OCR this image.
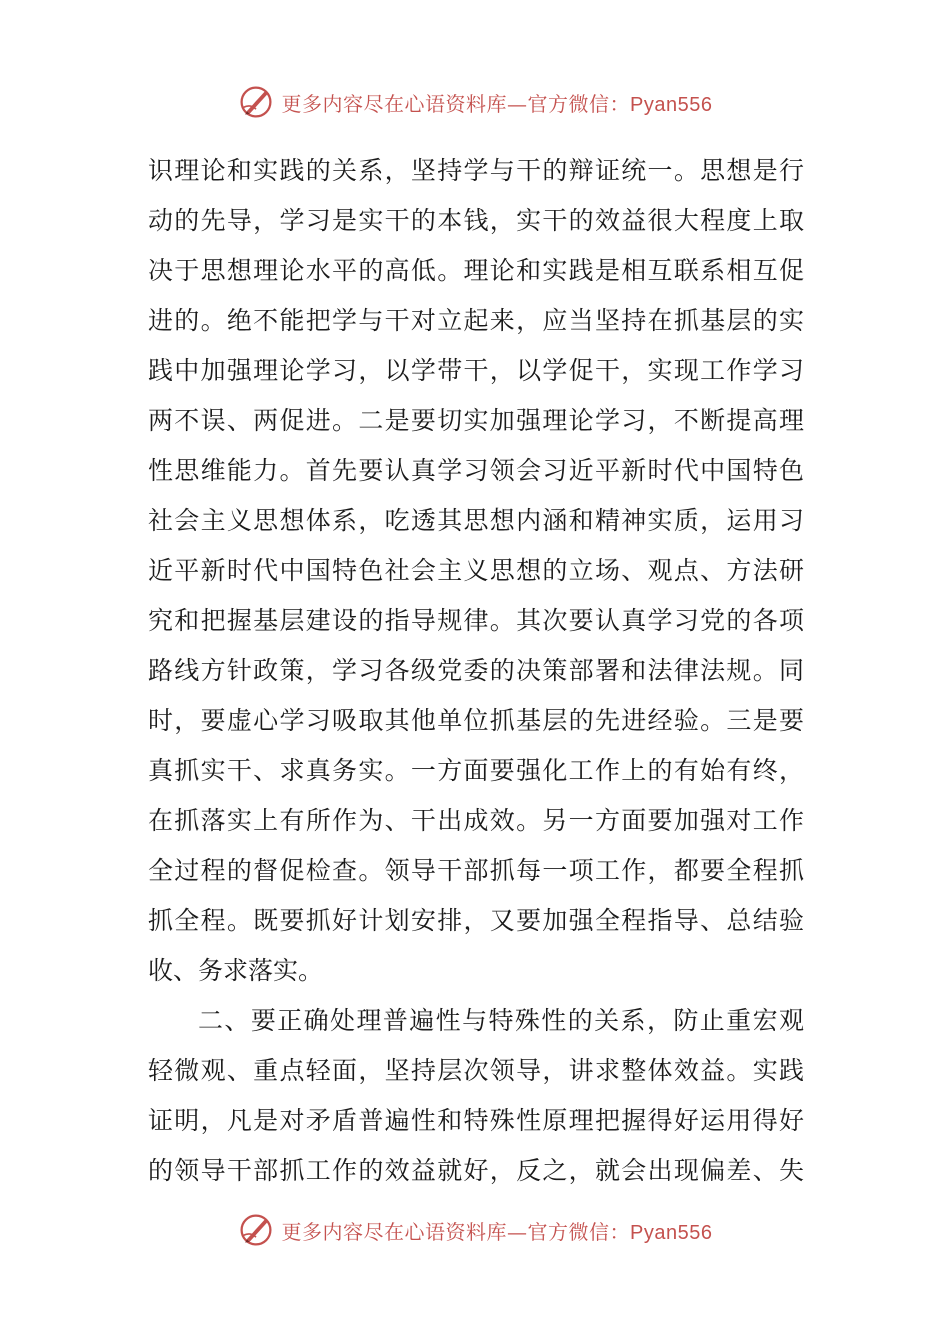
更多内容尽在心语资料库—官方微信：Pyan556
识理论和实践的关系，坚持学与干的辩证统一。思想是行
动的先导，学习是实干的本钱，实干的效益很大程度上取
决于思想理论水平的高低。理论和实践是相互联系相互促
进的。绝不能把学与干对立起来，应当坚持在抓基层的实
践中加强理论学习，以学带干，以学促干，实现工作学习
两不误、两促进。二是要切实加强理论学习，不断提高理
性思维能力。首先要认真学习领会习近平新时代中国特色
社会主义思想体系，吃透其思想内涵和精神实质，运用习
近平新时代中国特色社会主义思想的立场、观点、方法研
究和把握基层建设的指导规律。其次要认真学习党的各项
路线方针政策，学习各级党委的决策部署和法律法规。同
时，要虚心学习吸取其他单位抓基层的先进经验。三是要
真抓实干、求真务实。一方面要强化工作上的有始有终，
在抓落实上有所作为、干出成效。另一方面要加强对工作
全过程的督促检查。领导干部抓每一项工作，都要全程抓
抓全程。既要抓好计划安排，又要加强全程指导、总结验
收、务求落实。
二、要正确处理普遍性与特殊性的关系，防止重宏观
轻微观、重点轻面，坚持层次领导，讲求整体效益。实践
证明，凡是对矛盾普遍性和特殊性原理把握得好运用得好
的领导干部抓工作的效益就好，反之，就会出现偏差、失
更多内容尽在心语资料库—官方微信：Pyan556
